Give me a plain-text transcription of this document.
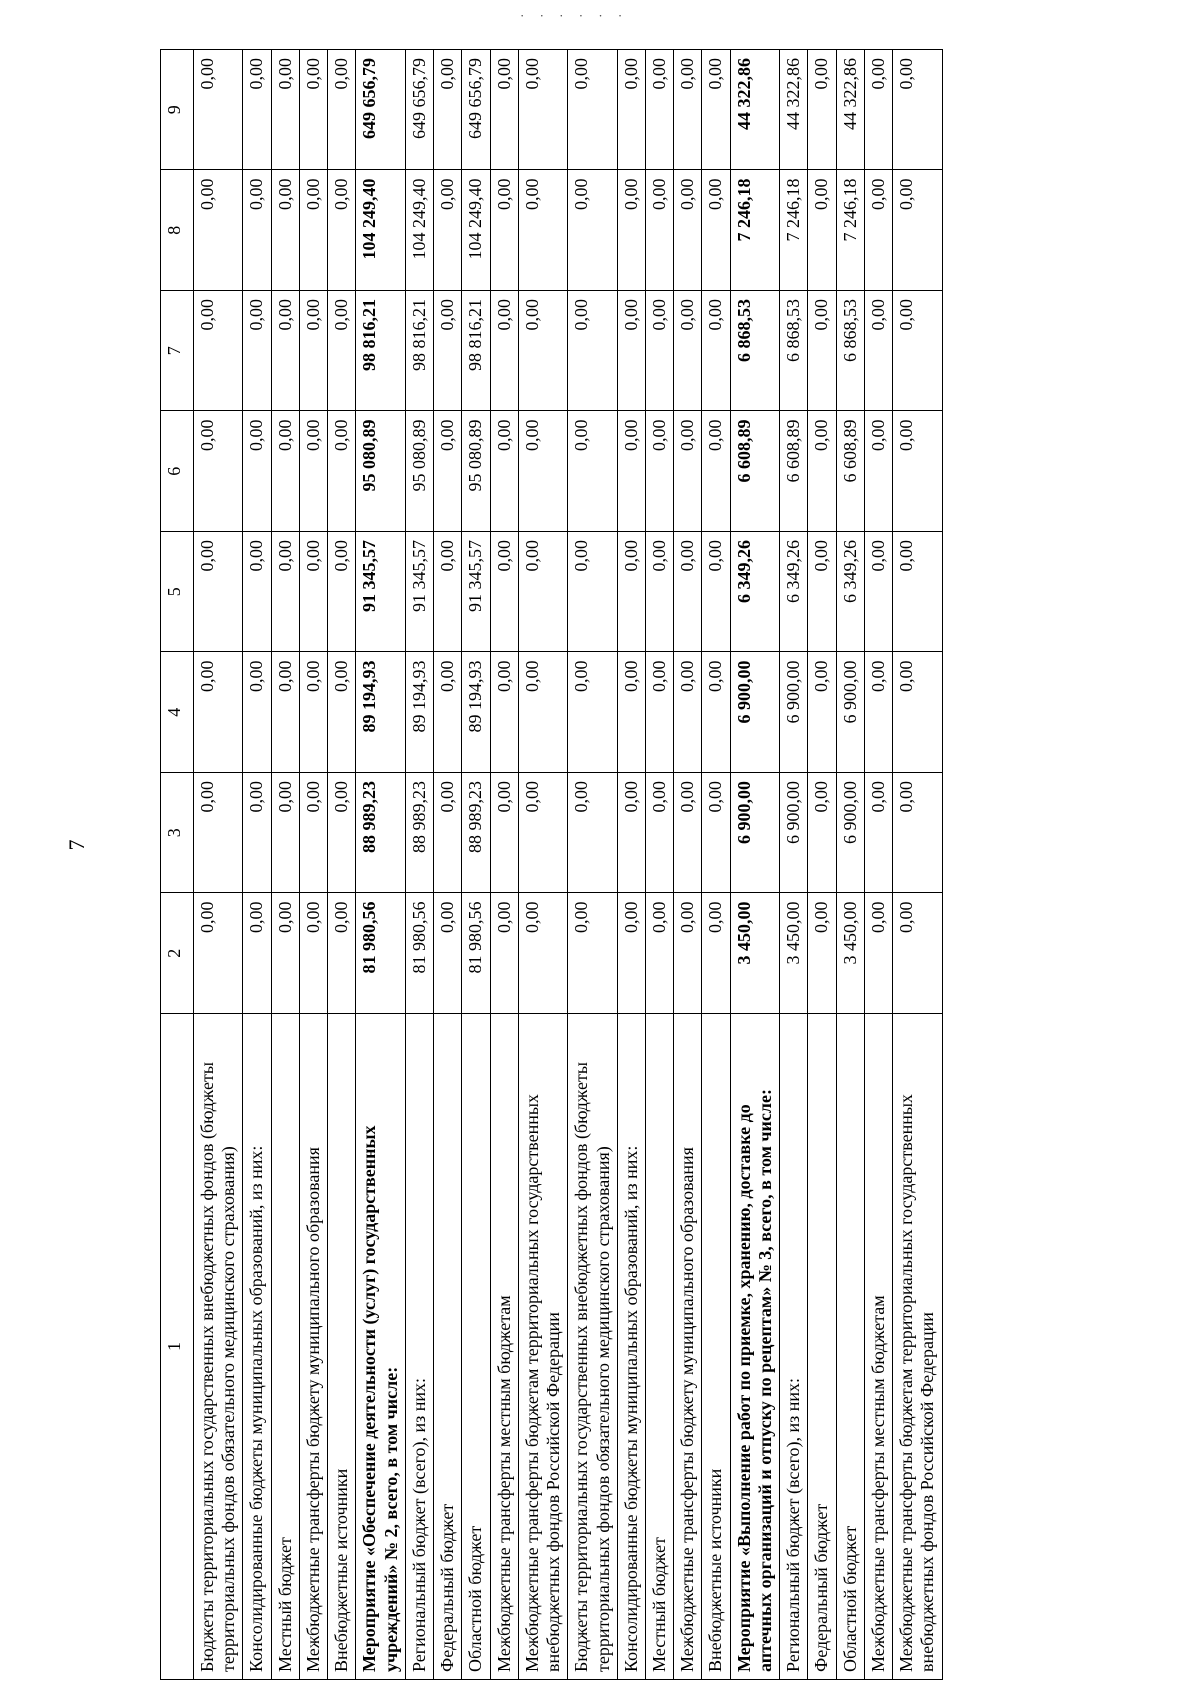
· · · · · ·
7
1	2	3	4	5	6	7	8	9
Бюджеты территориальных государственных внебюджетных фондов (бюджеты территориальных фондов обязательного медицинского страхования)	0,00	0,00	0,00	0,00	0,00	0,00	0,00	0,00
Консолидированные бюджеты муниципальных образований, из них:	0,00	0,00	0,00	0,00	0,00	0,00	0,00	0,00
Местный бюджет	0,00	0,00	0,00	0,00	0,00	0,00	0,00	0,00
Межбюджетные трансферты бюджету муниципального образования	0,00	0,00	0,00	0,00	0,00	0,00	0,00	0,00
Внебюджетные источники	0,00	0,00	0,00	0,00	0,00	0,00	0,00	0,00
Мероприятие «Обеспечение деятельности (услуг) государственных учреждений» № 2, всего, в том числе:	81 980,56	88 989,23	89 194,93	91 345,57	95 080,89	98 816,21	104 249,40	649 656,79
Региональный бюджет (всего), из них:	81 980,56	88 989,23	89 194,93	91 345,57	95 080,89	98 816,21	104 249,40	649 656,79
Федеральный бюджет	0,00	0,00	0,00	0,00	0,00	0,00	0,00	0,00
Областной бюджет	81 980,56	88 989,23	89 194,93	91 345,57	95 080,89	98 816,21	104 249,40	649 656,79
Межбюджетные трансферты местным бюджетам	0,00	0,00	0,00	0,00	0,00	0,00	0,00	0,00
Межбюджетные трансферты бюджетам территориальных государственных внебюджетных фондов Российской Федерации	0,00	0,00	0,00	0,00	0,00	0,00	0,00	0,00
Бюджеты территориальных государственных внебюджетных фондов (бюджеты территориальных фондов обязательного медицинского страхования)	0,00	0,00	0,00	0,00	0,00	0,00	0,00	0,00
Консолидированные бюджеты муниципальных образований, из них:	0,00	0,00	0,00	0,00	0,00	0,00	0,00	0,00
Местный бюджет	0,00	0,00	0,00	0,00	0,00	0,00	0,00	0,00
Межбюджетные трансферты бюджету муниципального образования	0,00	0,00	0,00	0,00	0,00	0,00	0,00	0,00
Внебюджетные источники	0,00	0,00	0,00	0,00	0,00	0,00	0,00	0,00
Мероприятие «Выполнение работ по приемке, хранению, доставке до аптечных организаций и отпуску по рецептам» № 3, всего, в том числе:	3 450,00	6 900,00	6 900,00	6 349,26	6 608,89	6 868,53	7 246,18	44 322,86
Региональный бюджет (всего), из них:	3 450,00	6 900,00	6 900,00	6 349,26	6 608,89	6 868,53	7 246,18	44 322,86
Федеральный бюджет	0,00	0,00	0,00	0,00	0,00	0,00	0,00	0,00
Областной бюджет	3 450,00	6 900,00	6 900,00	6 349,26	6 608,89	6 868,53	7 246,18	44 322,86
Межбюджетные трансферты местным бюджетам	0,00	0,00	0,00	0,00	0,00	0,00	0,00	0,00
Межбюджетные трансферты бюджетам территориальных государственных внебюджетных фондов Российской Федерации	0,00	0,00	0,00	0,00	0,00	0,00	0,00	0,00
